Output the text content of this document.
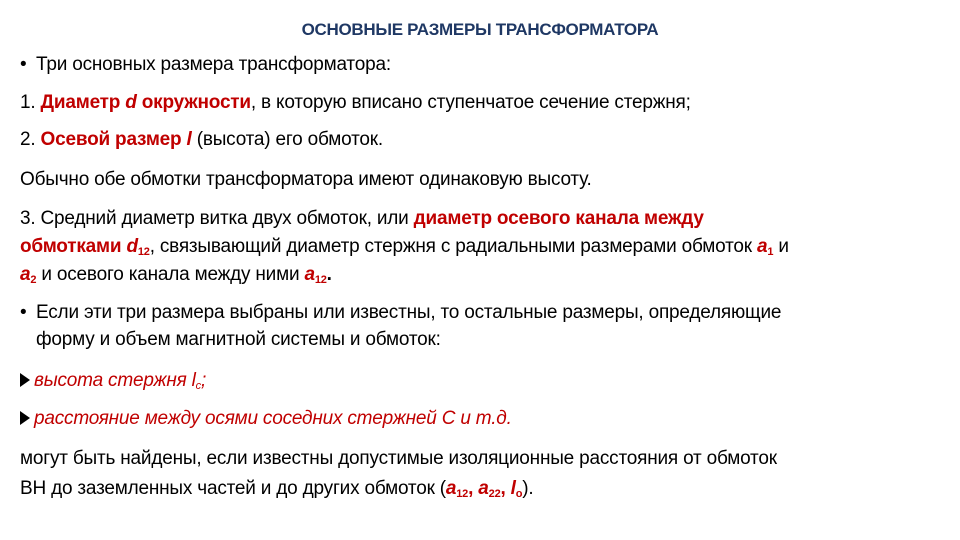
ОСНОВНЫЕ РАЗМЕРЫ ТРАНСФОРМАТОРА
• Три основных размера трансформатора:
1. Диаметр d окружности, в которую вписано ступенчатое сечение стержня;
2. Осевой размер l (высота) его обмоток.
Обычно обе обмотки трансформатора имеют одинаковую высоту.
3. Средний диаметр витка двух обмоток, или диаметр осевого канала между
обмотками $d_{12}$, связывающий диаметр стержня с радиальными размерами обмоток $a_1$ и
$a_2$ и осевого канала между ними $a_{12}$.
• Если эти три размера выбраны или известны, то остальные размеры, определяющие
форму и объем магнитной системы и обмоток:
высота стержня $l_c$;
расстояние между осями соседних стержней С и т.д.
могут быть найдены, если известны допустимые изоляционные расстояния от обмоток
ВН до заземленных частей и до других обмоток ($a_{12}$, $a_{22}$, $l_o$).
